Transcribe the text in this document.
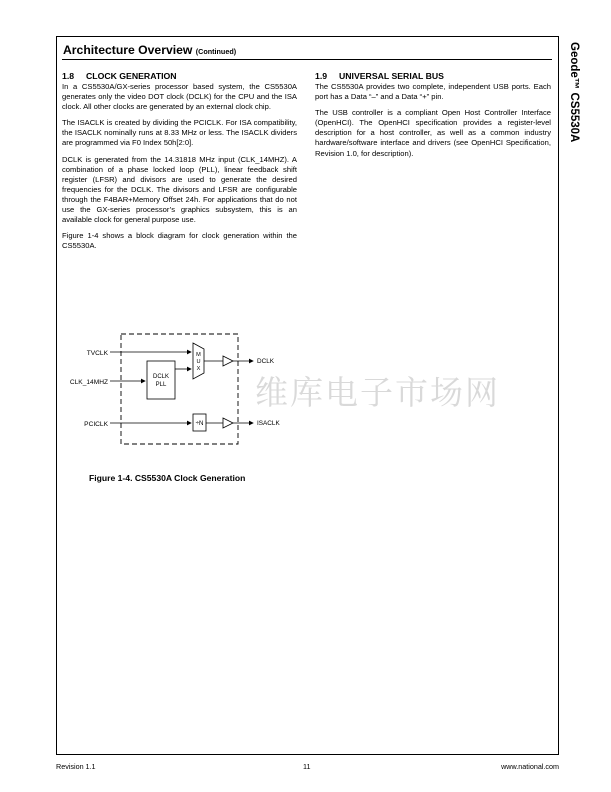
Geode™ CS5530A
Architecture Overview (Continued)
1.8 CLOCK GENERATION

In a CS5530A/GX-series processor based system, the CS5530A generates only the video DOT clock (DCLK) for the CPU and the ISA clock. All other clocks are generated by an external clock chip.

The ISACLK is created by dividing the PCICLK. For ISA compatibility, the ISACLK nominally runs at 8.33 MHz or less. The ISACLK dividers are programmed via F0 Index 50h[2:0].

DCLK is generated from the 14.31818 MHz input (CLK_14MHZ). A combination of a phase locked loop (PLL), linear feedback shift register (LFSR) and divisors are used to generate the desired frequencies for the DCLK. The divisors and LFSR are configurable through the F4BAR+Memory Offset 24h. For applications that do not use the GX-series processor’s graphics subsystem, this is an available clock for general purpose use.

Figure 1-4 shows a block diagram for clock generation within the CS5530A.

1.9 UNIVERSAL SERIAL BUS

The CS5530A provides two complete, independent USB ports. Each port has a Data “–” and a Data “+” pin.

The USB controller is a compliant Open Host Controller Interface (OpenHCI). The OpenHCI specification provides a register-level description for a host controller, as well as a common industry hardware/software interface and drivers (see OpenHCI Specification, Revision 1.0, for description).

维库电子市场网
TVCLK
CLK_14MHZ
PCICLK
DCLK
PLL
M
U
X
DCLK
÷N	ISACLK
Figure 1-4. CS5530A Clock Generation
Revision 1.1	11	www.national.com
